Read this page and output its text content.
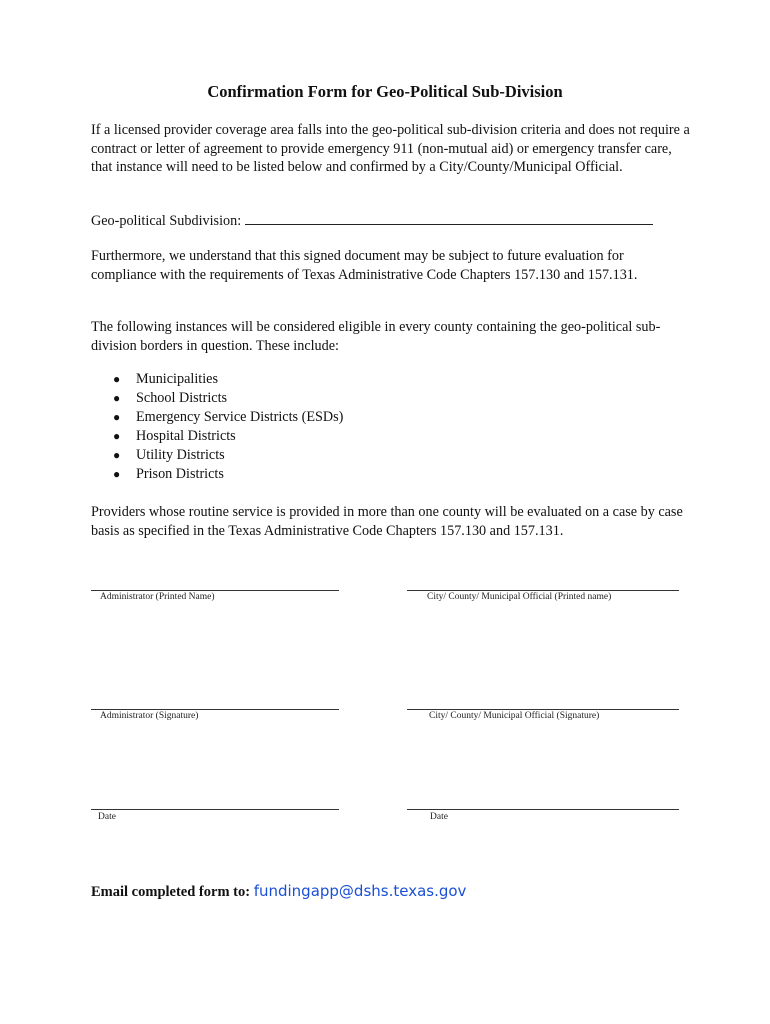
Confirmation Form for Geo-Political Sub-Division

If a licensed provider coverage area falls into the geo-political sub-division criteria and does not require a contract or letter of agreement to provide emergency 911 (non-mutual aid) or emergency transfer care, that instance will need to be listed below and confirmed by a City/County/Municipal Official.

Geo-political Subdivision:

Furthermore, we understand that this signed document may be subject to future evaluation for compliance with the requirements of Texas Administrative Code Chapters 157.130 and 157.131.

The following instances will be considered eligible in every county containing the geo-political sub-division borders in question. These include:

● Municipalities
● School Districts
● Emergency Service Districts (ESDs)
● Hospital Districts
● Utility Districts
● Prison Districts

Providers whose routine service is provided in more than one county will be evaluated on a case by case basis as specified in the Texas Administrative Code Chapters 157.130 and 157.131.

Administrator (Printed Name)	City/ County/ Municipal Official (Printed name)
Administrator (Signature)	City/ County/ Municipal Official (Signature)
Date	Date
Email completed form to: fundingapp@dshs.texas.gov
